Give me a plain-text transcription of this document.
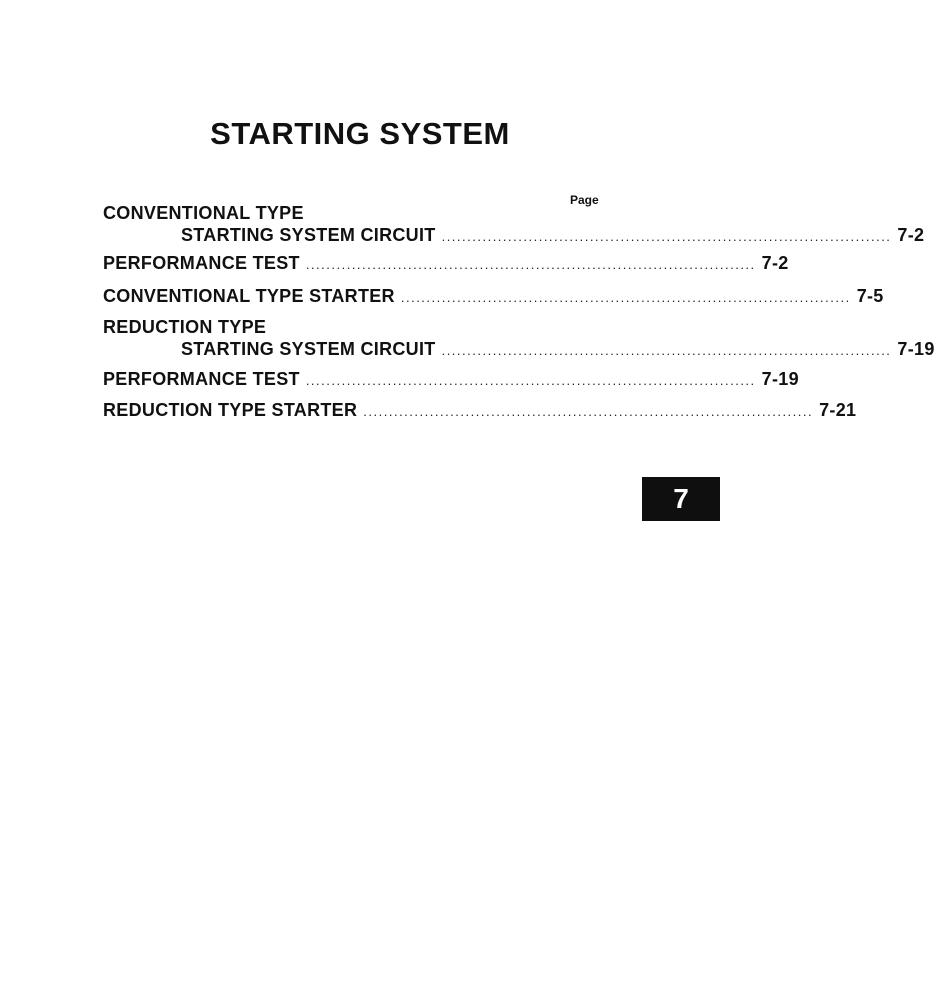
STARTING SYSTEM
Page
CONVENTIONAL TYPE
STARTING SYSTEM CIRCUIT ........................................................................................ 7-2
PERFORMANCE TEST ........................................................................................ 7-2
CONVENTIONAL TYPE STARTER ........................................................................................ 7-5
REDUCTION TYPE
STARTING SYSTEM CIRCUIT ........................................................................................ 7-19
PERFORMANCE TEST ........................................................................................ 7-19
REDUCTION TYPE STARTER ........................................................................................ 7-21
7
